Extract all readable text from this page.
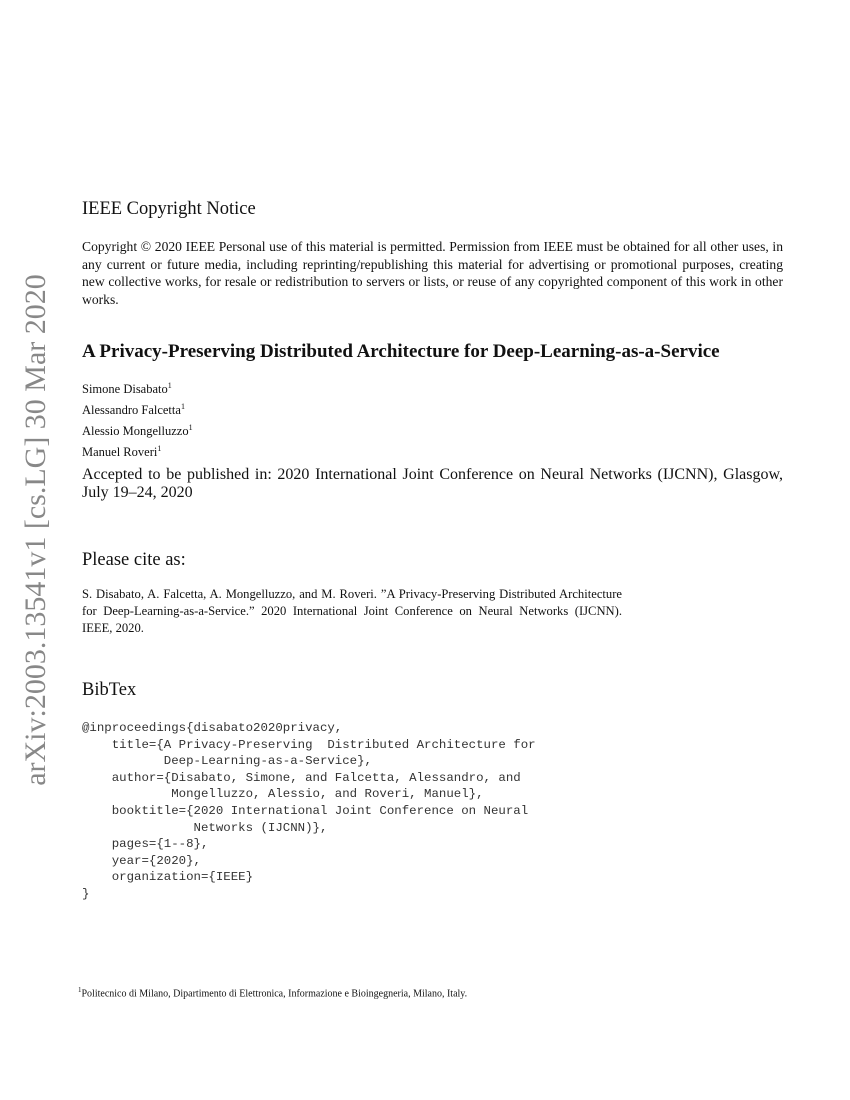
arXiv:2003.13541v1 [cs.LG] 30 Mar 2020
IEEE Copyright Notice
Copyright © 2020 IEEE Personal use of this material is permitted. Permission from IEEE must be obtained for all other uses, in any current or future media, including reprinting/republishing this material for advertising or promotional purposes, creating new collective works, for resale or redistribution to servers or lists, or reuse of any copyrighted component of this work in other works.
A Privacy-Preserving Distributed Architecture for Deep-Learning-as-a-Service
Simone Disabato$^1$
Alessandro Falcetta$^1$
Alessio Mongelluzzo$^1$
Manuel Roveri$^1$
Accepted to be published in: 2020 International Joint Conference on Neural Networks (IJCNN), Glasgow, July 19–24, 2020
Please cite as:
S. Disabato, A. Falcetta, A. Mongelluzzo, and M. Roveri. ”A Privacy-Preserving Distributed Architecture for Deep-Learning-as-a-Service.” 2020 International Joint Conference on Neural Networks (IJCNN). IEEE, 2020.
BibTex
@inproceedings{disabato2020privacy,
title={A Privacy-Preserving  Distributed Architecture for
Deep-Learning-as-a-Service},
author={Disabato, Simone, and Falcetta, Alessandro, and
Mongelluzzo, Alessio, and Roveri, Manuel},
booktitle={2020 International Joint Conference on Neural
Networks (IJCNN)},
pages={1--8},
year={2020},
organization={IEEE}
}
$^1$Politecnico di Milano, Dipartimento di Elettronica, Informazione e Bioingegneria, Milano, Italy.
